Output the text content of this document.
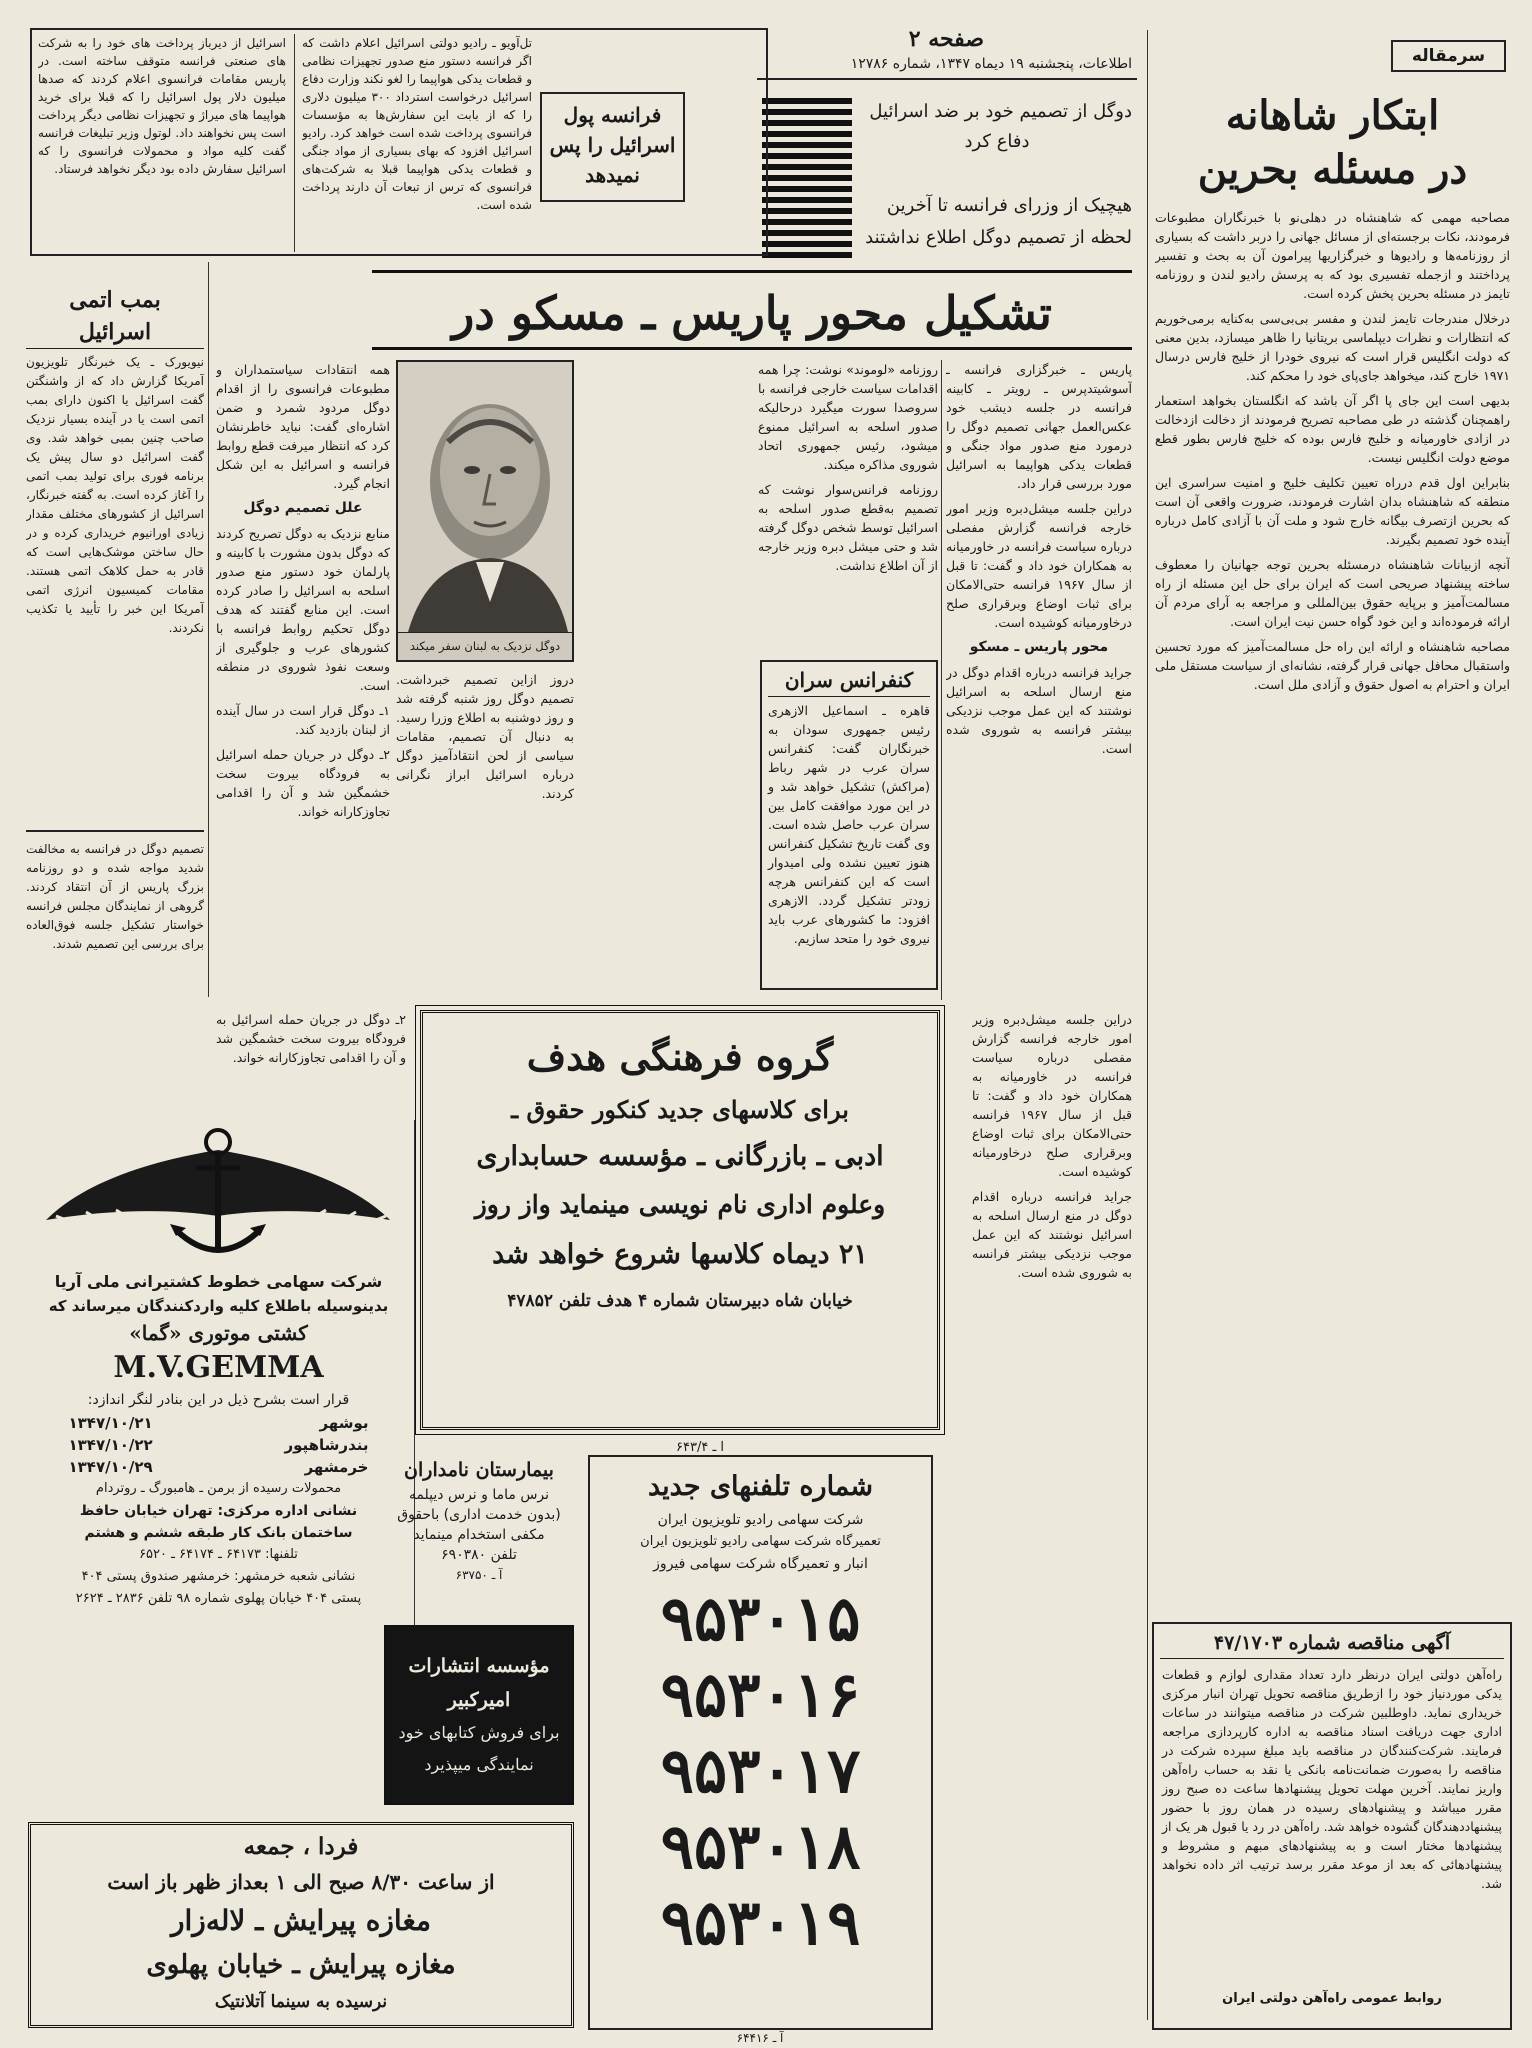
سرمقاله
ابتکار شاهانه
در مسئله بحرین

مصاحبه مهمی که شاهنشاه در دهلی‌نو با خبرنگاران مطبوعات فرمودند، نکات برجسته‌ای از مسائل جهانی را دربر داشت که بسیاری از روزنامه‌ها و رادیوها و خبرگزاریها پیرامون آن به بحث و تفسیر پرداختند و ازجمله تفسیری بود که به پرسش رادیو لندن و روزنامه تایمز در مسئله بحرین پخش کرده است.

درخلال مندرجات تایمز لندن و مفسر بی‌بی‌سی به‌کنایه برمی‌خوریم که انتظارات و نظرات دیپلماسی بریتانیا را ظاهر میسازد، بدین معنی که دولت انگلیس قرار است که نیروی خودرا از خلیج فارس درسال ۱۹۷۱ خارج کند، میخواهد جای‌پای خود را محکم کند.

بدیهی است این جای پا اگر آن باشد که انگلستان بخواهد استعمار راهمچنان گذشته در طی مصاحبه تصریح فرمودند از دخالت ازدخالت در ازادی خاورمیانه و خلیج فارس بوده که خلیج فارس بطور قطع موضع دولت انگلیس نیست.

بنابراین اول قدم درراه تعیین تکلیف خلیج و امنیت سراسری این منطقه که شاهنشاه بدان اشارت فرمودند، ضرورت واقعی آن است که بحرین ازتصرف بیگانه خارج شود و ملت آن با آزادی کامل درباره آینده خود تصمیم بگیرند.

آنچه ازبیانات شاهنشاه درمسئله بحرین توجه جهانیان را معطوف ساخته پیشنهاد صریحی است که ایران برای حل این مسئله از راه مسالمت‌آمیز و برپایه حقوق بین‌المللی و مراجعه به آرای مردم آن ارائه فرموده‌اند و این خود گواه حسن نیت ایران است.

مصاحبه شاهنشاه و ارائه این راه حل مسالمت‌آمیز که مورد تحسین واستقبال محافل جهانی قرار گرفته، نشانه‌ای از سیاست مستقل ملی ایران و احترام به اصول حقوق و آزادی ملل است.

آگهی مناقصه شماره ۴۷/۱۷۰۳
راه‌آهن دولتی ایران درنظر دارد تعداد مقداری لوازم و قطعات یدکی موردنیاز خود را ازطریق مناقصه تحویل تهران انبار مرکزی خریداری نماید. داوطلبین شرکت در مناقصه میتوانند در ساعات اداری جهت دریافت اسناد مناقصه به اداره کارپردازی مراجعه فرمایند. شرکت‌کنندگان در مناقصه باید مبلغ سپرده شرکت در مناقصه را به‌صورت ضمانت‌نامه بانکی یا نقد به حساب راه‌آهن واریز نمایند. آخرین مهلت تحویل پیشنهادها ساعت ده صبح روز مقرر میباشد و پیشنهادهای رسیده در همان روز با حضور پیشنهاددهندگان گشوده خواهد شد. راه‌آهن در رد یا قبول هر یک از پیشنهادها مختار است و به پیشنهادهای مبهم و مشروط و پیشنهادهائی که بعد از موعد مقرر برسد ترتیب اثر داده نخواهد شد.
روابط عمومی راه‌آهن دولتی ایران
صفحه ۲
اطلاعات، پنجشنبه ۱۹ دیماه ۱۳۴۷، شماره ۱۲۷۸۶
دوگل از تصمیم خود بر ضد اسرائیل
دفاع کرد
هیچیک از وزرای فرانسه تا آخرین
لحظه از تصمیم دوگل اطلاع نداشتند
اسرائیل از دیرباز پرداخت های خود را به شرکت های صنعتی فرانسه متوقف ساخته است. در پاریس مقامات فرانسوی اعلام کردند که صدها میلیون دلار پول اسرائیل را که قبلا برای خرید هواپیما های میراژ و تجهیزات نظامی دیگر پرداخت است پس نخواهند داد. لوتول وزیر تبلیغات فرانسه گفت کلیه مواد و محمولات فرانسوی را که اسرائیل سفارش داده بود دیگر نخواهد فرستاد.
تل‌آویو ـ رادیو دولتی اسرائیل اعلام داشت که اگر فرانسه دستور منع صدور تجهیزات نظامی و قطعات یدکی هواپیما را لغو نکند وزارت دفاع اسرائیل درخواست استرداد ۳۰۰ میلیون دلاری را که از بابت این سفارش‌ها به مؤسسات فرانسوی پرداخت شده است خواهد کرد. رادیو اسرائیل افزود که بهای بسیاری از مواد جنگی و قطعات یدکی هواپیما قبلا به شرکت‌های فرانسوی که ترس از تبعات آن دارند پرداخت شده است.
فرانسه پول
اسرائیل را پس
نمیدهد
تشکیل محور پاریس ـ مسکو در
بمب اتمی
اسرائیل
نیویورک ـ یک خبرنگار تلویزیون آمریکا گزارش داد که از واشنگتن گفت اسرائیل یا اکنون دارای بمب اتمی است یا در آینده بسیار نزدیک صاحب چنین بمبی خواهد شد. وی گفت اسرائیل دو سال پیش یک برنامه فوری برای تولید بمب اتمی را آغاز کرده است. به گفته خبرنگار، اسرائیل از کشورهای مختلف مقدار زیادی اورانیوم خریداری کرده و در حال ساختن موشک‌هایی است که قادر به حمل کلاهک اتمی هستند. مقامات کمیسیون انرژی اتمی آمریکا این خبر را تأیید یا تکذیب نکردند.
تصمیم دوگل در فرانسه به مخالفت شدید مواجه شده و دو روزنامه بزرگ پاریس از آن انتقاد کردند. گروهی از نمایندگان مجلس فرانسه خواستار تشکیل جلسه فوق‌العاده برای بررسی این تصمیم شدند.

پاریس ـ خبرگزاری فرانسه ـ آسوشیتدپرس ـ رویتر ـ کابینه فرانسه در جلسه دیشب خود عکس‌العمل جهانی تصمیم دوگل را درمورد منع صدور مواد جنگی و قطعات یدکی هواپیما به اسرائیل مورد بررسی قرار داد.

دراین جلسه میشل‌دبره وزیر امور خارجه فرانسه گزارش مفصلی درباره سیاست فرانسه در خاورمیانه به همکاران خود داد و گفت: تا قبل از سال ۱۹۶۷ فرانسه حتی‌الامکان برای ثبات اوضاع وبرقراری صلح درخاورمیانه کوشیده است.

محور پاریس ـ مسکو

جراید فرانسه درباره اقدام دوگل در منع ارسال اسلحه به اسرائیل نوشتند که این عمل موجب نزدیکی بیشتر فرانسه به شوروی شده است.

روزنامه «لوموند» نوشت: چرا همه اقدامات سیاست خارجی فرانسه با سروصدا سورت میگیرد درحالیکه صدور اسلحه به اسرائیل ممنوع میشود، رئیس جمهوری اتحاد شوروی مذاکره میکند.

روزنامه فرانس‌سوار نوشت که تصمیم به‌قطع صدور اسلحه به اسرائیل توسط شخص دوگل گرفته شد و حتی میشل دبره وزیر خارجه از آن اطلاع نداشت.

کنفرانس سران
قاهره ـ اسماعیل الازهری رئیس جمهوری سودان به خبرنگاران گفت: کنفرانس سران عرب در شهر رباط (مراکش) تشکیل خواهد شد و در این مورد موافقت کامل بین سران عرب حاصل شده است. وی گفت تاریخ تشکیل کنفرانس هنوز تعیین نشده ولی امیدوار است که این کنفرانس هرچه زودتر تشکیل گردد. الازهری افزود: ما کشورهای عرب باید نیروی خود را متحد سازیم.
دوگل نزدیک به لبنان سفر میکند

همه انتقادات سیاستمداران و مطبوعات فرانسوی را از اقدام دوگل مردود شمرد و ضمن اشاره‌ای گفت: نباید خاطرنشان کرد که انتظار میرفت قطع روابط فرانسه و اسرائیل به این شکل انجام گیرد.

علل تصمیم دوگل

منابع نزدیک به دوگل تصریح کردند که دوگل بدون مشورت با کابینه و پارلمان خود دستور منع صدور اسلحه به اسرائیل را صادر کرده است. این منابع گفتند که هدف دوگل تحکیم روابط فرانسه با کشورهای عرب و جلوگیری از وسعت نفوذ شوروی در منطقه است.

۱ـ دوگل قرار است در سال آینده از لبنان بازدید کند.

۲ـ دوگل در جریان حمله اسرائیل به فرودگاه بیروت سخت خشمگین شد و آن را اقدامی تجاوزکارانه خواند.

دروز ازاین تصمیم خبرداشت. تصمیم دوگل روز شنبه گرفته شد و روز دوشنبه به اطلاع وزرا رسید. به دنبال آن تصمیم، مقامات سیاسی از لحن انتقادآمیز دوگل درباره اسرائیل ابراز نگرانی کردند.

گروه فرهنگی هدف
برای کلاسهای جدید کنکور حقوق ـ
ادبی ـ بازرگانی ـ مؤسسه حسابداری
وعلوم اداری نام نویسی مینماید واز روز
۲۱ دیماه کلاسها شروع خواهد شد
خیابان شاه دبیرستان شماره ۴ هدف تلفن ۴۷۸۵۲
آ ـ ۶۴۳/۴

دراین جلسه میشل‌دبره وزیر امور خارجه فرانسه گزارش مفصلی درباره سیاست فرانسه در خاورمیانه به همکاران خود داد و گفت: تا قبل از سال ۱۹۶۷ فرانسه حتی‌الامکان برای ثبات اوضاع وبرقراری صلح درخاورمیانه کوشیده است.

جراید فرانسه درباره اقدام دوگل در منع ارسال اسلحه به اسرائیل نوشتند که این عمل موجب نزدیکی بیشتر فرانسه به شوروی شده است.

۲ـ دوگل در جریان حمله اسرائیل به فرودگاه بیروت سخت خشمگین شد و آن را اقدامی تجاوزکارانه خواند.

شرکت سهامی خطوط کشتیرانی ملی آریا
بدینوسیله باطلاع کلیه واردکنندگان میرساند که
کشتی موتوری «گما»
M.V.GEMMA
قرار است بشرح ذیل در این بنادر لنگر اندازد:
بوشهر
۱۳۴۷/۱۰/۲۱
بندرشاهپور
۱۳۴۷/۱۰/۲۲
خرمشهر
۱۳۴۷/۱۰/۲۹
محمولات رسیده از برمن ـ هامبورگ ـ روتردام
نشانی اداره مرکزی: تهران خیابان حافظ
ساختمان بانک کار طبقه ششم و هشتم
تلفنها: ۶۴۱۷۳ ـ ۶۴۱۷۴ ـ ۶۵۲۰
نشانی شعبه خرمشهر: خرمشهر صندوق پستی ۴۰۴
پستی ۴۰۴ خیابان پهلوی شماره ۹۸ تلفن ۲۸۳۶ ـ ۲۶۲۴
بیمارستان نامداران
نرس ماما و نرس دیپلمه
(بدون خدمت اداری) باحقوق
مکفی استخدام مینماید
تلفن ۶۹۰۳۸۰
آ ـ ۶۳۷۵۰
مؤسسه انتشارات امیرکبیر
برای فروش کتابهای خود
نمایندگی میپذیرد
شماره تلفنهای جدید
شرکت سهامی رادیو تلویزیون ایران
تعمیرگاه شرکت سهامی رادیو تلویزیون ایران
انبار و تعمیرگاه شرکت سهامی فیروز
۹۵۳۰۱۵
۹۵۳۰۱۶
۹۵۳۰۱۷
۹۵۳۰۱۸
۹۵۳۰۱۹
آ ـ ۶۴۴۱۶
فردا ، جمعه
از ساعت ۸/۳۰ صبح الی ۱ بعداز ظهر باز است
مغازه پیرایش ـ لاله‌زار
مغازه پیرایش ـ خیابان پهلوی
نرسیده به سینما آتلانتیک
